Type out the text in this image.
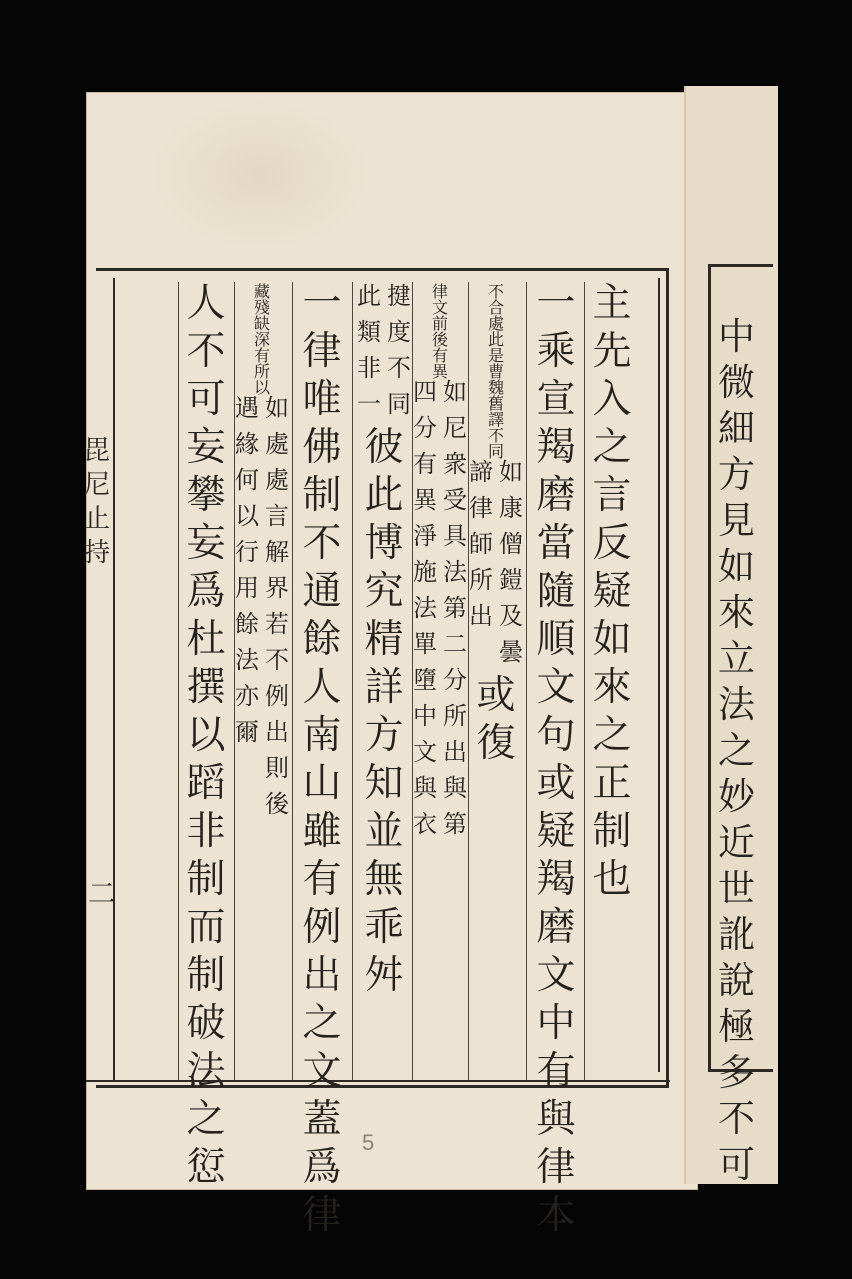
毘
尼
止
持
二
5
主
先
入
之
言
反
疑
如
來
之
正
制
也
一
乘
宣
羯
磨
當
隨
順
文
句
或
疑
羯
磨
文
中
有
與
律
本
不
合
處
此
是
曹
魏
舊
譯
不
同
諦
律
師
所
出
如
康
僧
鎧
及
曇
或
復
律
文
前
後
有
異
四
分
有
異
淨
施
法
單
墮
中
文
與
衣
如
尼
衆
受
具
法
第
二
分
所
出
與
第
此
類
非
一
揵
度
不
同
彼
此
博
究
精
詳
方
知
並
無
乖
舛
一
律
唯
佛
制
不
通
餘
人
南
山
雖
有
例
出
之
文
蓋
爲
律
藏
殘
缺
深
有
所
以
遇
緣
何
以
行
用
餘
法
亦
爾
如
處
處
言
解
界
若
不
例
出
則
後
人
不
可
妄
攀
妄
爲
杜
撰
以
蹈
非
制
而
制
破
法
之
愆
中
微
細
方
見
如
來
立
法
之
妙
近
世
訛
說
極
多
不
可
